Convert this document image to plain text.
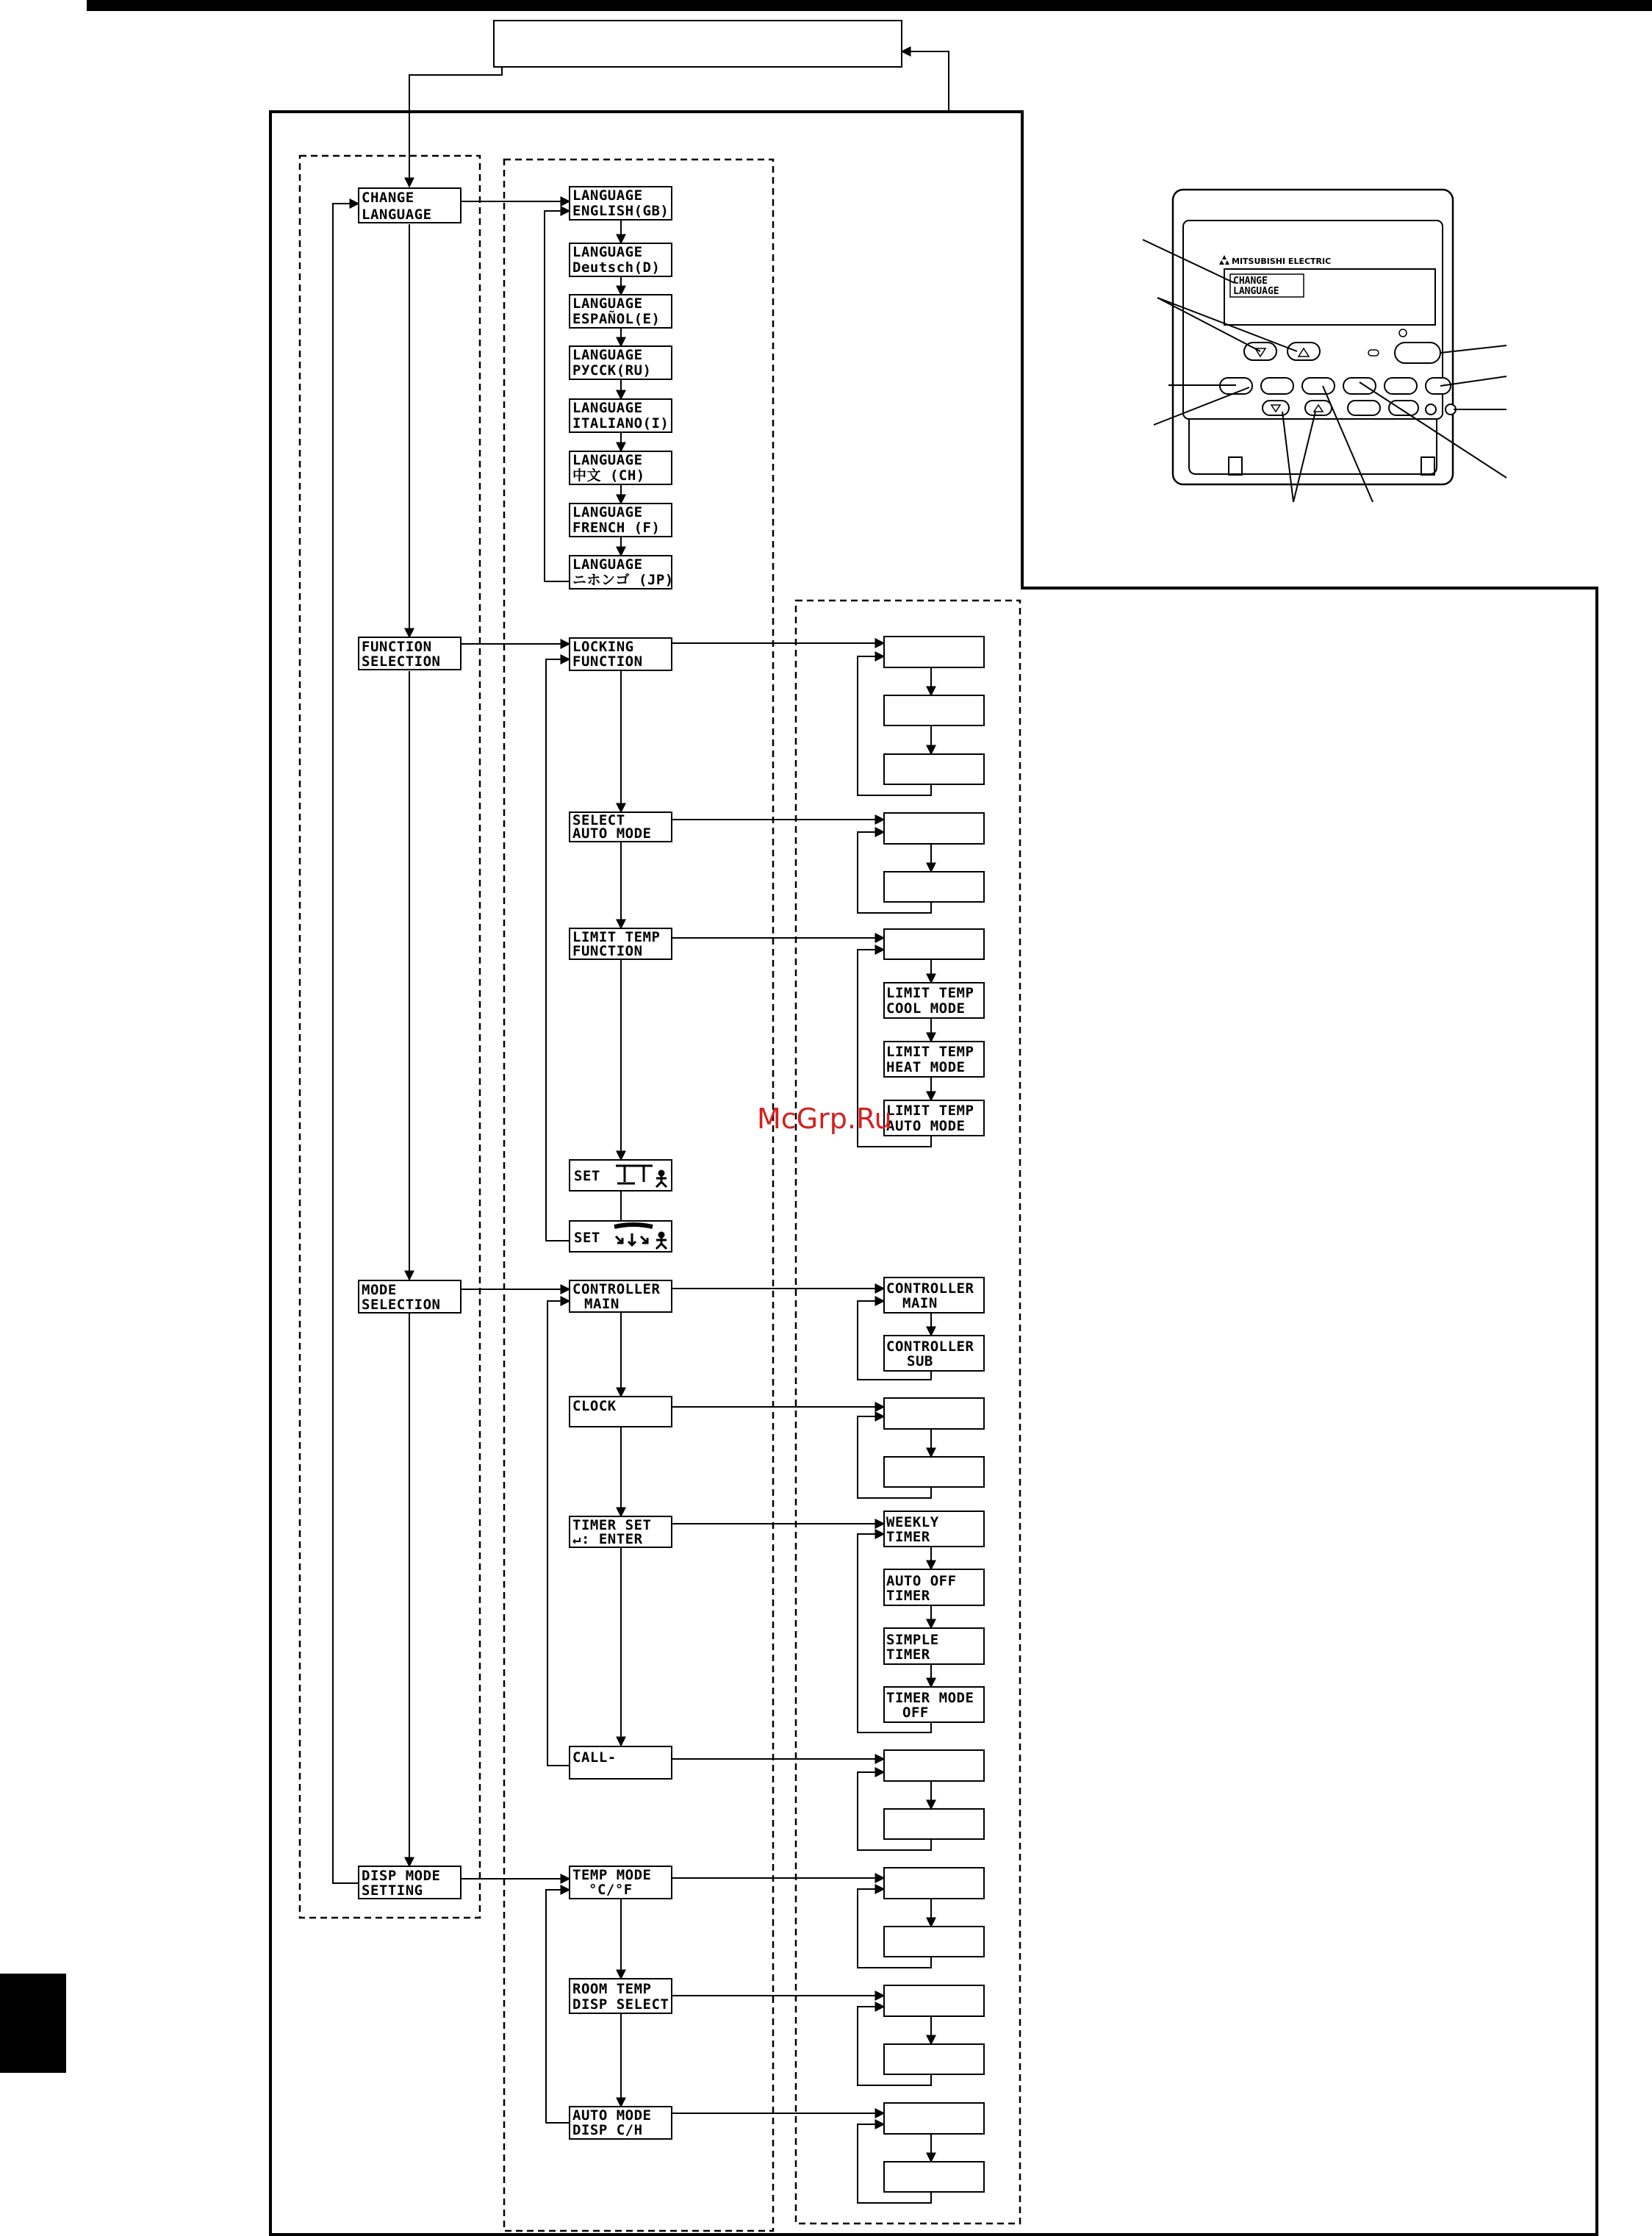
CHANGE
LANGUAGE
FUNCTION
SELECTION
MODE
SELECTION
DISP MODE
SETTING
LANGUAGE
ENGLISH(GB)
LANGUAGE
Deutsch(D)
LANGUAGE
ESPAÑOL(E)
LANGUAGE
PУCCK(RU)
LANGUAGE
ITALIANO(I)
LANGUAGE
中文 (CH)
LANGUAGE
FRENCH (F)
LANGUAGE
ニホンゴ (JP)
LOCKING
FUNCTION
SELECT
AUTO MODE
LIMIT TEMP
FUNCTION
SET
SET
CONTROLLER
MAIN
CLOCK
TIMER SET
↵: ENTER
CALL-
TEMP MODE
°C/°F
ROOM TEMP
DISP SELECT
AUTO MODE
DISP C/H
LIMIT TEMP
COOL MODE
LIMIT TEMP
HEAT MODE
LIMIT TEMP
AUTO MODE
CONTROLLER
MAIN
CONTROLLER
SUB
WEEKLY
TIMER
AUTO OFF
TIMER
SIMPLE
TIMER
TIMER MODE
OFF
MITSUBISHI ELECTRIC
CHANGE
LANGUAGE
McGrp.Ru
